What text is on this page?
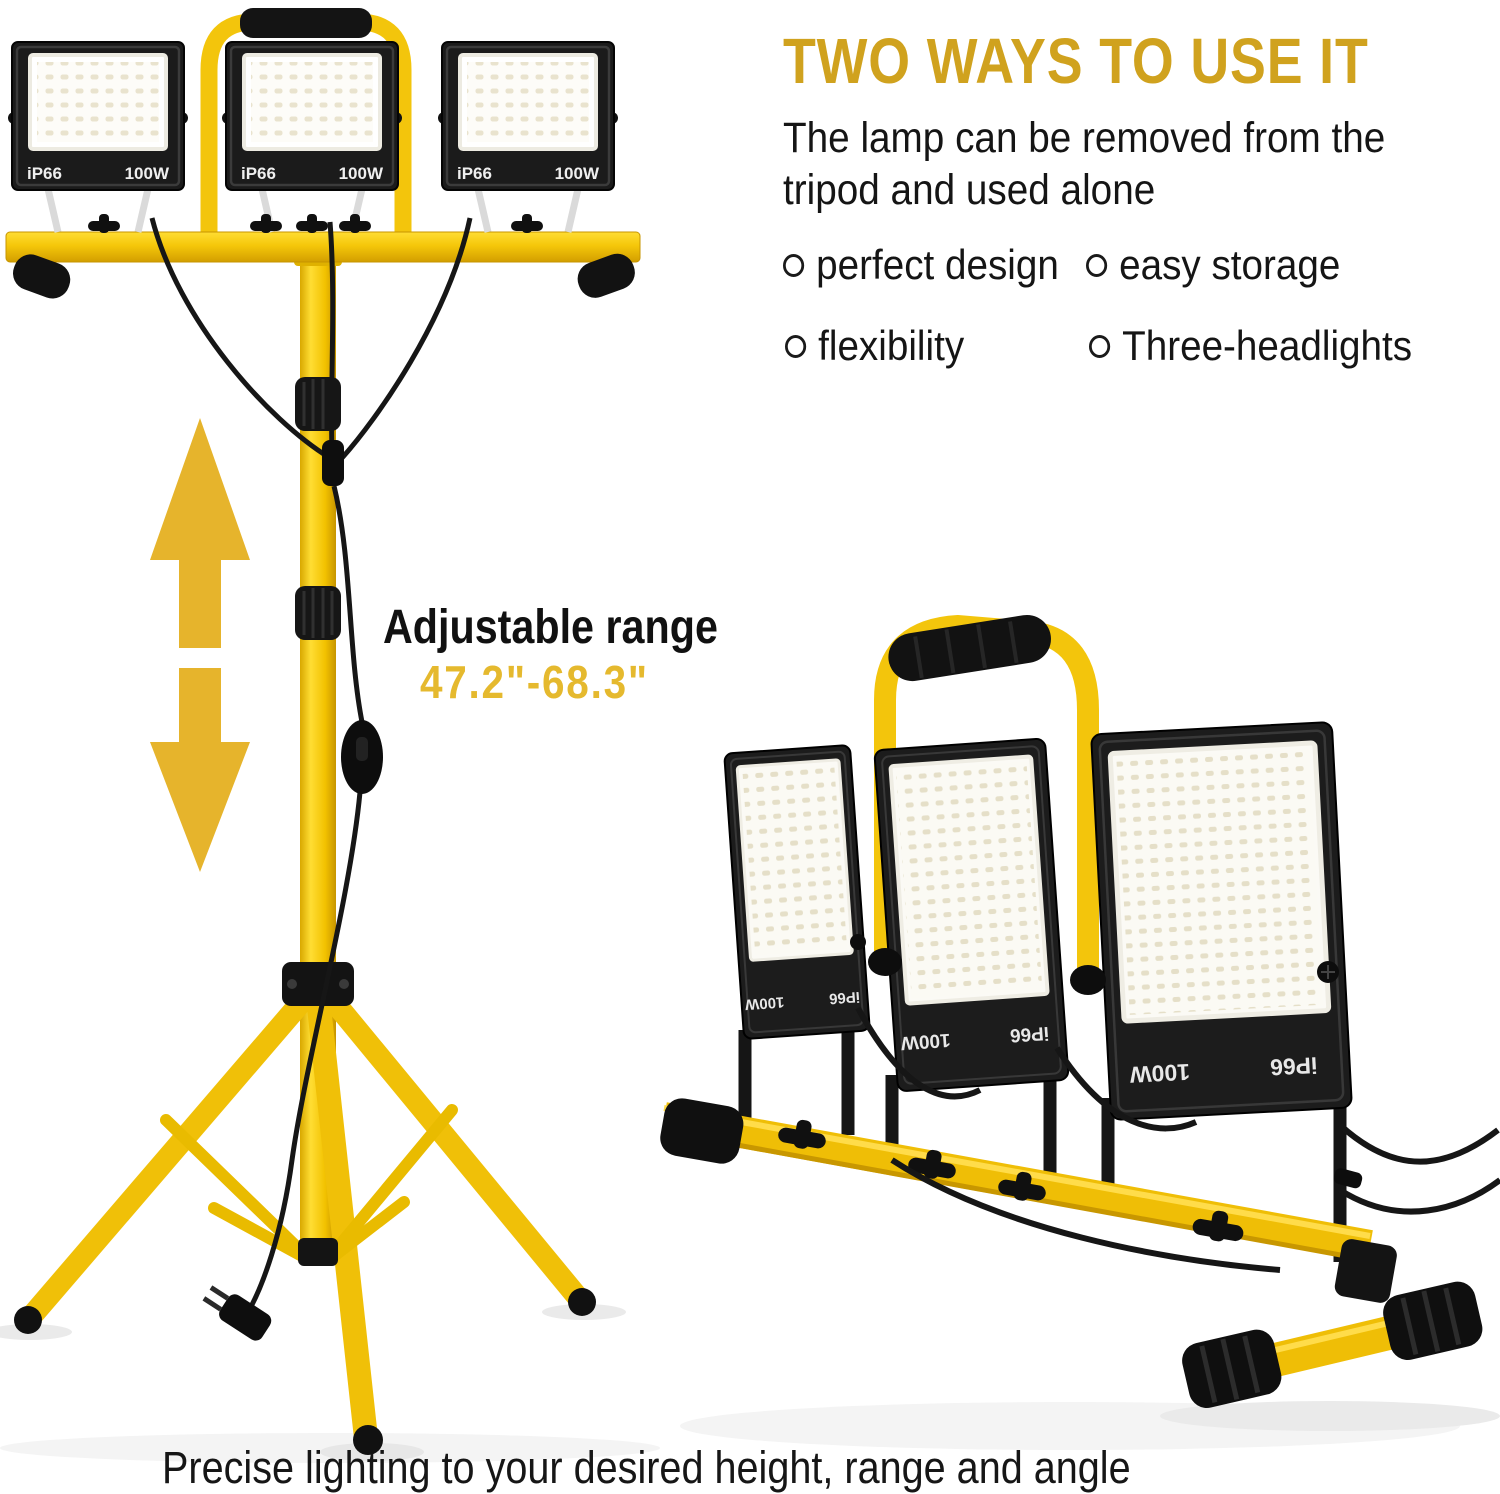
iP66
100W
iP66
100W
iP66
100W
TWO WAYS TO USE IT
The lamp can be removed from the
tripod and used alone
perfect design easy storage
flexibility	Three-headlights
Adjustable range
47.2"-68.3"
Precise lighting to your desired height, range and angle
